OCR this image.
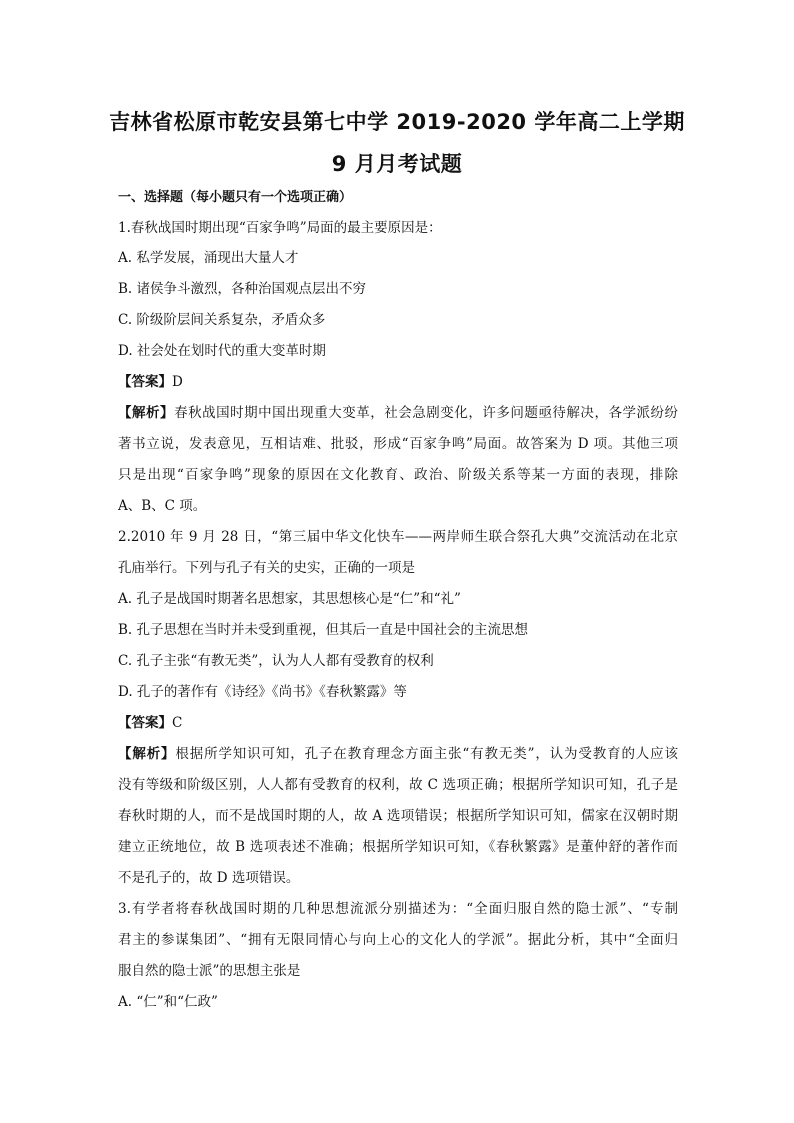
吉林省松原市乾安县第七中学 2019-2020 学年高二上学期
9 月月考试题
一、选择题（每小题只有一个选项正确）
1.春秋战国时期出现“百家争鸣”局面的最主要原因是：
A. 私学发展，涌现出大量人才
B. 诸侯争斗激烈，各种治国观点层出不穷
C. 阶级阶层间关系复杂，矛盾众多
D. 社会处在划时代的重大变革时期
【答案】D
【解析】春秋战国时期中国出现重大变革，社会急剧变化，许多问题亟待解决，各学派纷纷
著书立说，发表意见，互相诘难、批驳，形成“百家争鸣”局面。故答案为 D 项。其他三项
只是出现“百家争鸣”现象的原因在文化教育、政治、阶级关系等某一方面的表现，排除
A、B、C 项。
2.2010 年 9 月 28 日，“第三届中华文化快车——两岸师生联合祭孔大典”交流活动在北京
孔庙举行。下列与孔子有关的史实，正确的一项是
A. 孔子是战国时期著名思想家，其思想核心是“仁”和“礼”
B. 孔子思想在当时并未受到重视，但其后一直是中国社会的主流思想
C. 孔子主张“有教无类”，认为人人都有受教育的权利
D. 孔子的著作有《诗经》《尚书》《春秋繁露》等
【答案】C
【解析】根据所学知识可知，孔子在教育理念方面主张“有教无类”，认为受教育的人应该
没有等级和阶级区别，人人都有受教育的权利，故 C 选项正确；根据所学知识可知，孔子是
春秋时期的人，而不是战国时期的人，故 A 选项错误；根据所学知识可知，儒家在汉朝时期
建立正统地位，故 B 选项表述不准确；根据所学知识可知，《春秋繁露》是董仲舒的著作而
不是孔子的，故 D 选项错误。
3.有学者将春秋战国时期的几种思想流派分别描述为：“全面归服自然的隐士派”、“专制
君主的参谋集团”、“拥有无限同情心与向上心的文化人的学派”。据此分析，其中“全面归
服自然的隐士派”的思想主张是
A. “仁”和“仁政”
